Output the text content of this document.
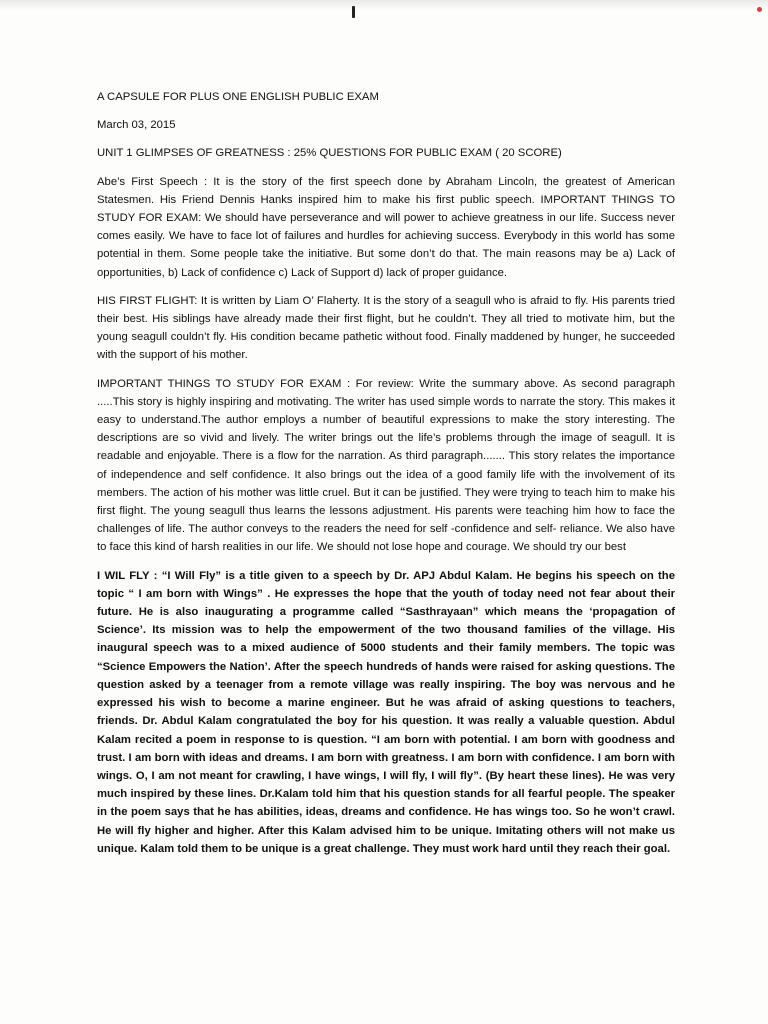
A CAPSULE FOR PLUS ONE ENGLISH PUBLIC EXAM
March 03, 2015
UNIT 1 GLIMPSES OF GREATNESS : 25% QUESTIONS FOR PUBLIC EXAM ( 20 SCORE)
Abe’s First Speech : It is the story of the first speech done by Abraham Lincoln, the greatest of American Statesmen. His Friend Dennis Hanks inspired him to make his first public speech. IMPORTANT THINGS TO STUDY FOR EXAM: We should have perseverance and will power to achieve greatness in our life. Success never comes easily. We have to face lot of failures and hurdles for achieving success. Everybody in this world has some potential in them. Some people take the initiative. But some don’t do that. The main reasons may be a) Lack of opportunities, b) Lack of confidence c) Lack of Support d) lack of proper guidance.
HIS FIRST FLIGHT: It is written by Liam O’ Flaherty. It is the story of a seagull who is afraid to fly. His parents tried their best. His siblings have already made their first flight, but he couldn’t. They all tried to motivate him, but the young seagull couldn’t fly. His condition became pathetic without food. Finally maddened by hunger, he succeeded with the support of his mother.
IMPORTANT THINGS TO STUDY FOR EXAM : For review: Write the summary above. As second paragraph .....This story is highly inspiring and motivating. The writer has used simple words to narrate the story. This makes it easy to understand.The author employs a number of beautiful expressions to make the story interesting. The descriptions are so vivid and lively. The writer brings out the life’s problems through the image of seagull. It is readable and enjoyable. There is a flow for the narration. As third paragraph....... This story relates the importance of independence and self confidence. It also brings out the idea of a good family life with the involvement of its members. The action of his mother was little cruel. But it can be justified. They were trying to teach him to make his first flight. The young seagull thus learns the lessons adjustment. His parents were teaching him how to face the challenges of life. The author conveys to the readers the need for self -confidence and self- reliance. We also have to face this kind of harsh realities in our life. We should not lose hope and courage. We should try our best
I WIL FLY : “I Will Fly” is a title given to a speech by Dr. APJ Abdul Kalam. He begins his speech on the topic “ I am born with Wings” . He expresses the hope that the youth of today need not fear about their future. He is also inaugurating a programme called “Sasthrayaan” which means the ‘propagation of Science’. Its mission was to help the empowerment of the two thousand families of the village. His inaugural speech was to a mixed audience of 5000 students and their family members. The topic was “Science Empowers the Nation’. After the speech hundreds of hands were raised for asking questions. The question asked by a teenager from a remote village was really inspiring. The boy was nervous and he expressed his wish to become a marine engineer. But he was afraid of asking questions to teachers, friends. Dr. Abdul Kalam congratulated the boy for his question. It was really a valuable question. Abdul Kalam recited a poem in response to is question. “I am born with potential. I am born with goodness and trust. I am born with ideas and dreams. I am born with greatness. I am born with confidence. I am born with wings. O, I am not meant for crawling, I have wings, I will fly, I will fly”. (By heart these lines). He was very much inspired by these lines. Dr.Kalam told him that his question stands for all fearful people. The speaker in the poem says that he has abilities, ideas, dreams and confidence. He has wings too. So he won’t crawl. He will fly higher and higher. After this Kalam advised him to be unique. Imitating others will not make us unique. Kalam told them to be unique is a great challenge. They must work hard until they reach their goal.
